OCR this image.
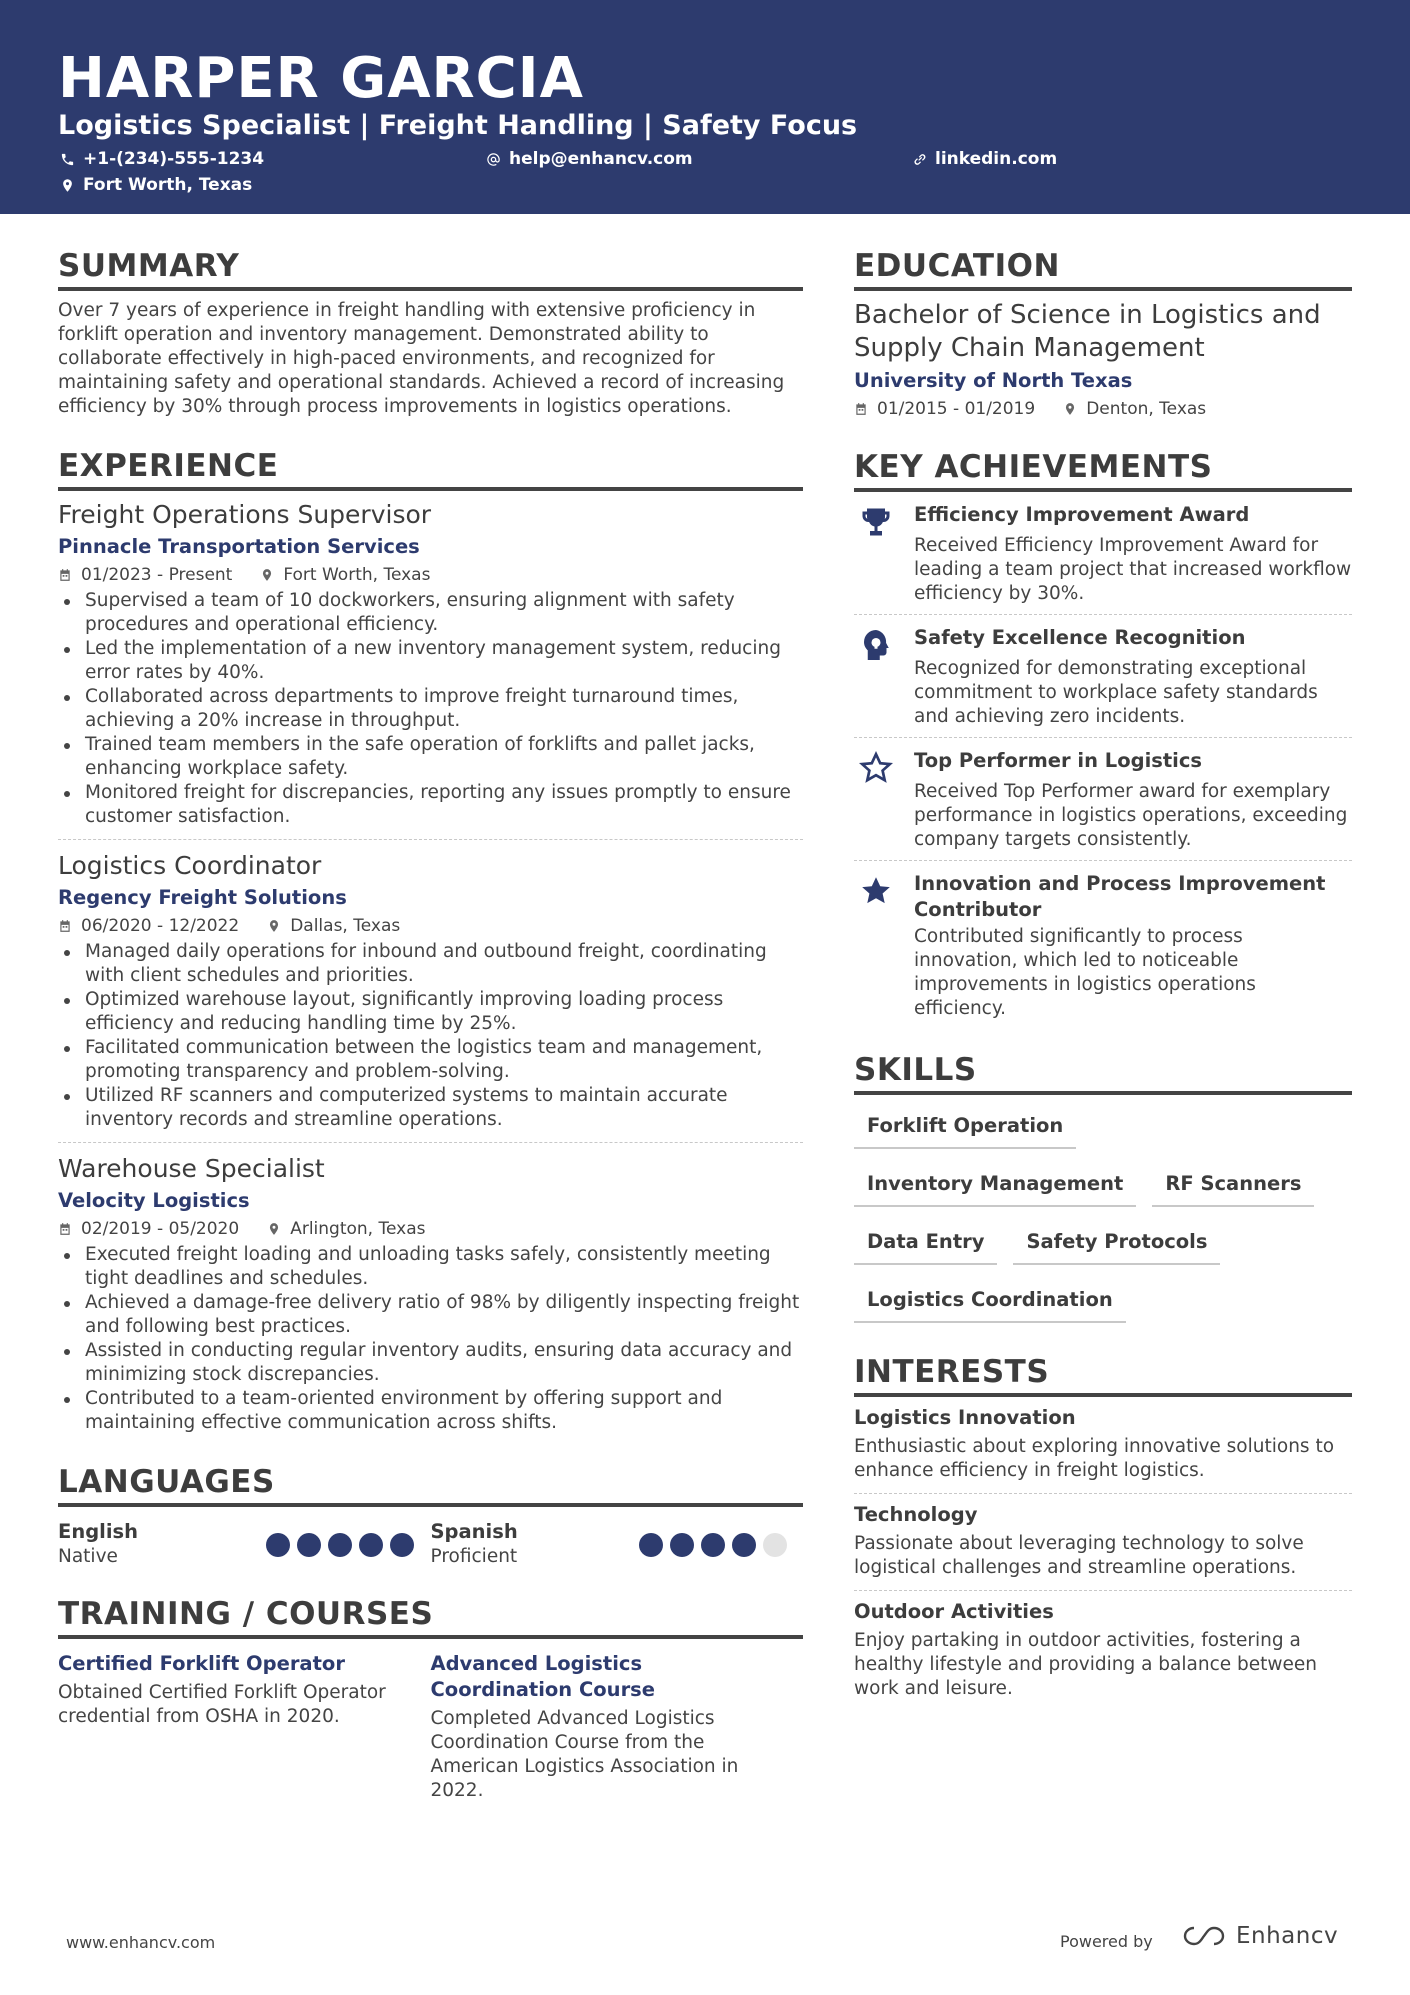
HARPER GARCIA
Logistics Specialist | Freight Handling | Safety Focus
+1-(234)-555-1234	help@enhancv.com	linkedin.com
Fort Worth, Texas
SUMMARY
Over 7 years of experience in freight handling with extensive proficiency in forklift operation and inventory management. Demonstrated ability to collaborate effectively in high-paced environments, and recognized for maintaining safety and operational standards. Achieved a record of increasing efficiency by 30% through process improvements in logistics operations.
EXPERIENCE
Freight Operations Supervisor
Pinnacle Transportation Services
01/2023 - Present	Fort Worth, Texas
Supervised a team of 10 dockworkers, ensuring alignment with safety procedures and operational efficiency.
Led the implementation of a new inventory management system, reducing error rates by 40%.
Collaborated across departments to improve freight turnaround times, achieving a 20% increase in throughput.
Trained team members in the safe operation of forklifts and pallet jacks, enhancing workplace safety.
Monitored freight for discrepancies, reporting any issues promptly to ensure customer satisfaction.
Logistics Coordinator
Regency Freight Solutions
06/2020 - 12/2022	Dallas, Texas
Managed daily operations for inbound and outbound freight, coordinating with client schedules and priorities.
Optimized warehouse layout, significantly improving loading process efficiency and reducing handling time by 25%.
Facilitated communication between the logistics team and management, promoting transparency and problem-solving.
Utilized RF scanners and computerized systems to maintain accurate inventory records and streamline operations.
Warehouse Specialist
Velocity Logistics
02/2019 - 05/2020	Arlington, Texas
Executed freight loading and unloading tasks safely, consistently meeting tight deadlines and schedules.
Achieved a damage-free delivery ratio of 98% by diligently inspecting freight and following best practices.
Assisted in conducting regular inventory audits, ensuring data accuracy and minimizing stock discrepancies.
Contributed to a team-oriented environment by offering support and maintaining effective communication across shifts.
LANGUAGES
English
Native
Spanish
Proficient
TRAINING / COURSES
Certified Forklift Operator
Obtained Certified Forklift Operator credential from OSHA in 2020.
Advanced Logistics Coordination Course
Completed Advanced Logistics Coordination Course from the American Logistics Association in 2022.
EDUCATION
Bachelor of Science in Logistics and Supply Chain Management
University of North Texas
01/2015 - 01/2019	Denton, Texas
KEY ACHIEVEMENTS
Efficiency Improvement Award
Received Efficiency Improvement Award for leading a team project that increased workflow efficiency by 30%.
Safety Excellence Recognition
Recognized for demonstrating exceptional commitment to workplace safety standards and achieving zero incidents.
Top Performer in Logistics
Received Top Performer award for exemplary performance in logistics operations, exceeding company targets consistently.
Innovation and Process Improvement Contributor
Contributed significantly to process innovation, which led to noticeable improvements in logistics operations efficiency.
SKILLS
Forklift Operation
Inventory Management	RF Scanners
Data Entry	Safety Protocols
Logistics Coordination
INTERESTS
Logistics Innovation
Enthusiastic about exploring innovative solutions to enhance efficiency in freight logistics.
Technology
Passionate about leveraging technology to solve logistical challenges and streamline operations.
Outdoor Activities
Enjoy partaking in outdoor activities, fostering a healthy lifestyle and providing a balance between work and leisure.
www.enhancv.com	Powered by	Enhancv
